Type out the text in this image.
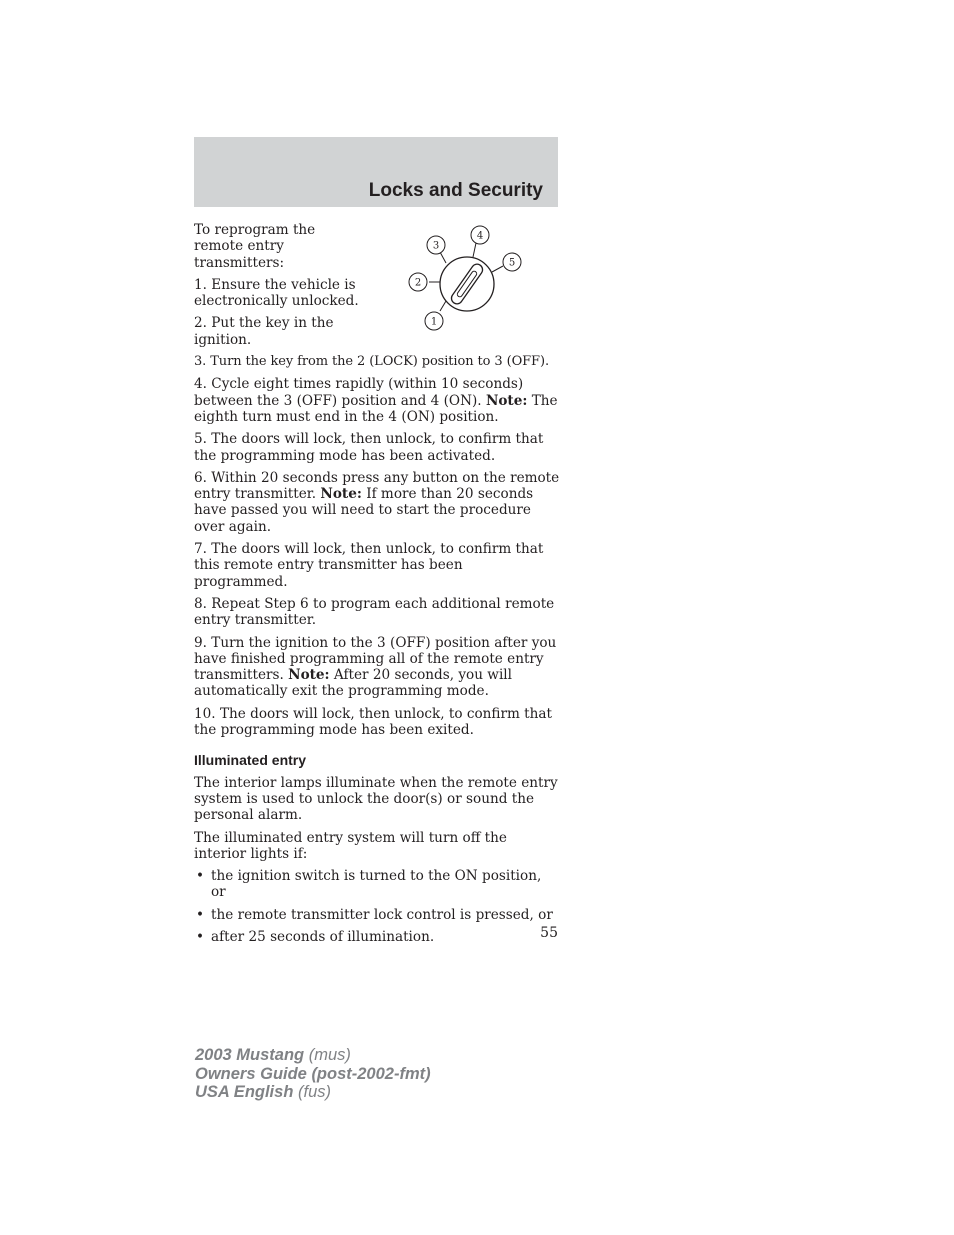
Locks and Security
1
2
3
4
5

To reprogram the remote entry transmitters:

1. Ensure the vehicle is electronically unlocked.

2. Put the key in the ignition.

3. Turn the key from the 2 (LOCK) position to 3 (OFF).

4. Cycle eight times rapidly (within 10 seconds) between the 3 (OFF) position and 4 (ON). Note: The eighth turn must end in the 4 (ON) position.

5. The doors will lock, then unlock, to confirm that the programming mode has been activated.

6. Within 20 seconds press any button on the remote entry transmitter. Note: If more than 20 seconds have passed you will need to start the procedure over again.

7. The doors will lock, then unlock, to confirm that this remote entry transmitter has been programmed.

8. Repeat Step 6 to program each additional remote entry transmitter.

9. Turn the ignition to the 3 (OFF) position after you have finished programming all of the remote entry transmitters. Note: After 20 seconds, you will automatically exit the programming mode.

10. The doors will lock, then unlock, to confirm that the programming mode has been exited.

Illuminated entry

The interior lamps illuminate when the remote entry system is used to unlock the door(s) or sound the personal alarm.

The illuminated entry system will turn off the interior lights if:

• the ignition switch is turned to the ON position, or
• the remote transmitter lock control is pressed, or
• after 25 seconds of illumination.	55
2003 Mustang (mus)
Owners Guide (post-2002-fmt)
USA English (fus)
